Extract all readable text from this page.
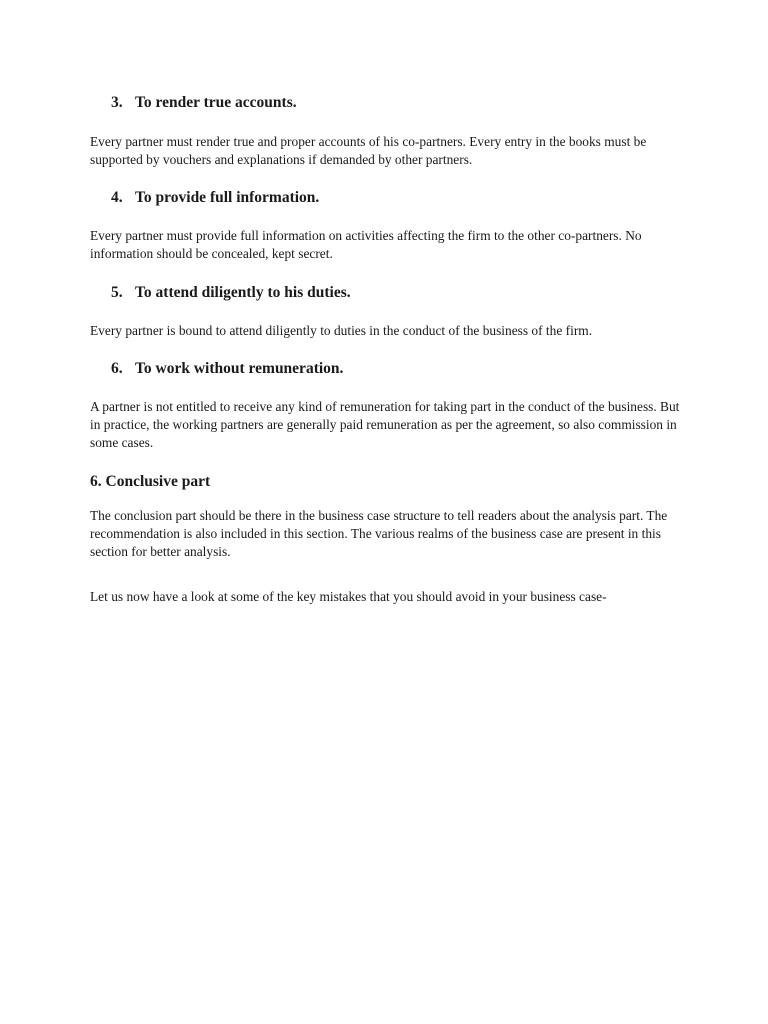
3. To render true accounts.

Every partner must render true and proper accounts of his co-partners. Every entry in the books must be supported by vouchers and explanations if demanded by other partners.

4. To provide full information.

Every partner must provide full information on activities affecting the firm to the other co-partners. No information should be concealed, kept secret.

5. To attend diligently to his duties.

Every partner is bound to attend diligently to duties in the conduct of the business of the firm.

6. To work without remuneration.

A partner is not entitled to receive any kind of remuneration for taking part in the conduct of the business. But in practice, the working partners are generally paid remuneration as per the agreement, so also commission in some cases.

6. Conclusive part

The conclusion part should be there in the business case structure to tell readers about the analysis part. The recommendation is also included in this section. The various realms of the business case are present in this section for better analysis.

Let us now have a look at some of the key mistakes that you should avoid in your business case-
